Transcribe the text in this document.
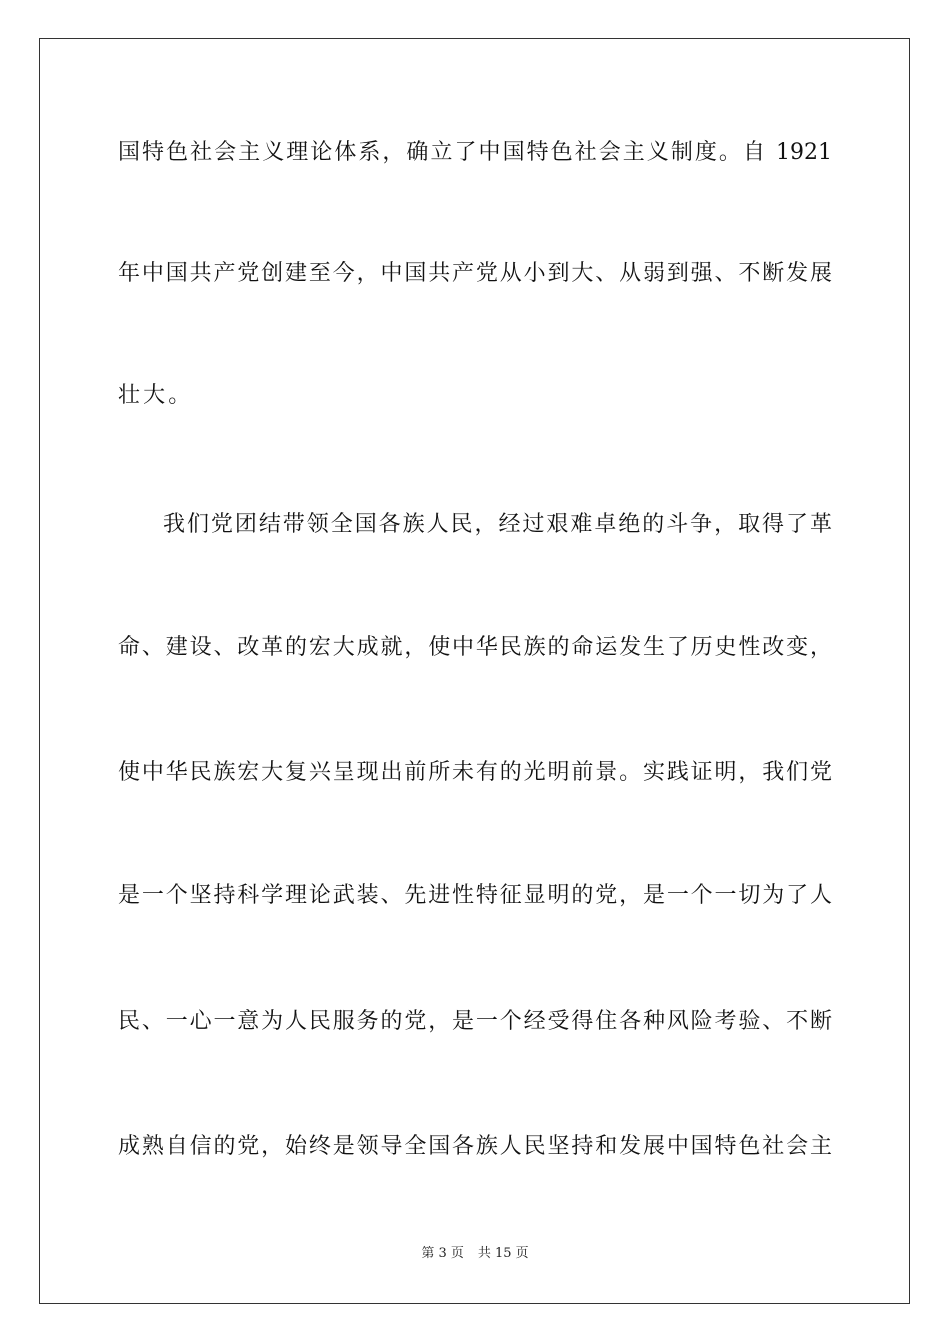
国特色社会主义理论体系，确立了中国特色社会主义制度。自 1921
年中国共产党创建至今，中国共产党从小到大、从弱到强、不断发展
壮大。
我们党团结带领全国各族人民，经过艰难卓绝的斗争，取得了革
命、建设、改革的宏大成就，使中华民族的命运发生了历史性改变，
使中华民族宏大复兴呈现出前所未有的光明前景。实践证明，我们党
是一个坚持科学理论武装、先进性特征显明的党，是一个一切为了人
民、一心一意为人民服务的党，是一个经受得住各种风险考验、不断
成熟自信的党，始终是领导全国各族人民坚持和发展中国特色社会主
第 3 页 共 15 页
